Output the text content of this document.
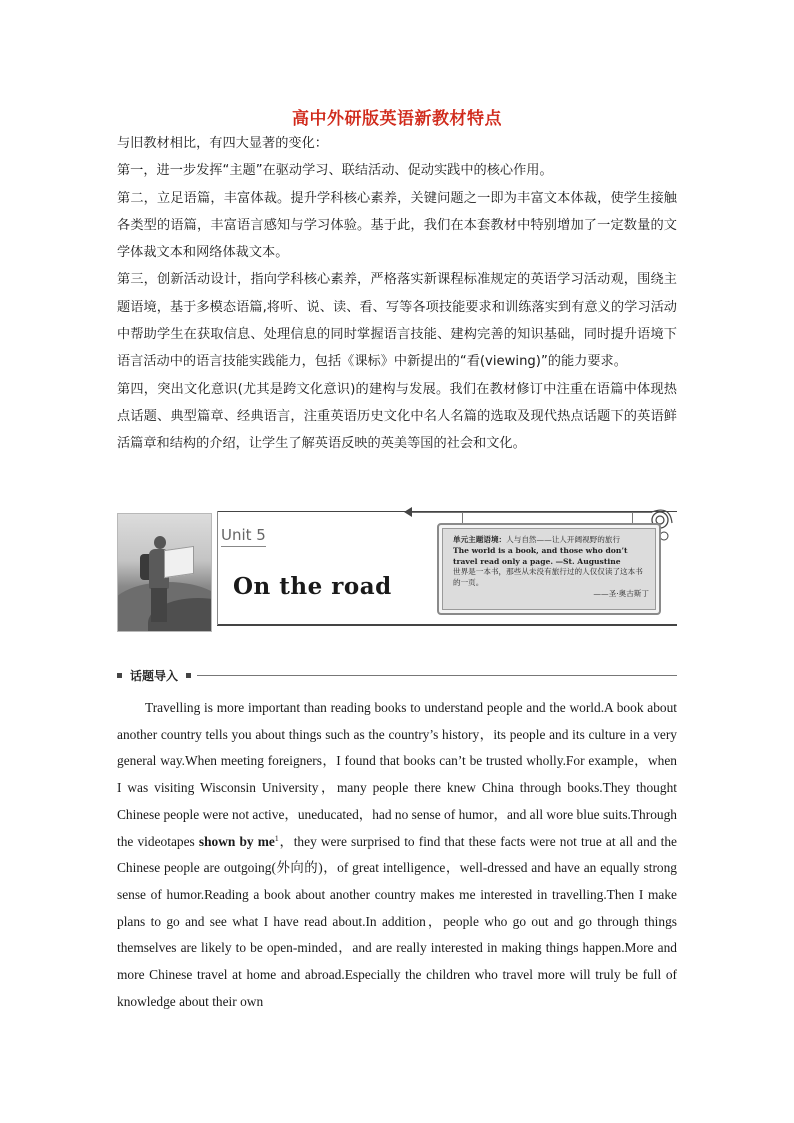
高中外研版英语新教材特点

与旧教材相比，有四大显著的变化：

第一，进一步发挥“主题”在驱动学习、联结活动、促动实践中的核心作用。

第二，立足语篇，丰富体裁。提升学科核心素养，关键问题之一即为丰富文本体裁，使学生接触各类型的语篇，丰富语言感知与学习体验。基于此，我们在本套教材中特别增加了一定数量的文学体裁文本和网络体裁文本。

第三，创新活动设计，指向学科核心素养，严格落实新课程标准规定的英语学习活动观，围绕主题语境，基于多模态语篇,将听、说、读、看、写等各项技能要求和训练落实到有意义的学习活动中帮助学生在获取信息、处理信息的同时掌握语言技能、建构完善的知识基础，同时提升语境下语言活动中的语言技能实践能力，包括《课标》中新提出的“看(viewing)”的能力要求。

第四，突出文化意识(尤其是跨文化意识)的建构与发展。我们在教材修订中注重在语篇中体现热点话题、典型篇章、经典语言，注重英语历史文化中名人名篇的选取及现代热点话题下的英语鲜活篇章和结构的介绍，让学生了解英语反映的英美等国的社会和文化。

Unit 5
On the road
单元主题语境：人与自然——让人开阔视野的旅行
The world is a book, and those who don’t travel read only a page. —St. Augustine
世界是一本书，那些从未没有旅行过的人仅仅读了这本书的一页。
——圣·奥古斯丁
话题导入

Travelling is more important than reading books to understand people and the world.A book about another country tells you about things such as the country’s history，its people and its culture in a very general way.When meeting foreigners，I found that books can’t be trusted wholly.For example，when I was visiting Wisconsin University，many people there knew China through books.They thought Chinese people were not active，uneducated，had no sense of humor，and all wore blue suits.Through the videotapes shown by $me^1$，they were surprised to find that these facts were not true at all and the Chinese people are outgoing(外向的)，of great intelligence，well-dressed and have an equally strong sense of humor.Reading a book about another country makes me interested in travelling.Then I make plans to go and see what I have read about.In addition，people who go out and go through things themselves are likely to be open-minded，and are really interested in making things happen.More and more Chinese travel at home and abroad.Especially the children who travel more will truly be full of knowledge about their own
